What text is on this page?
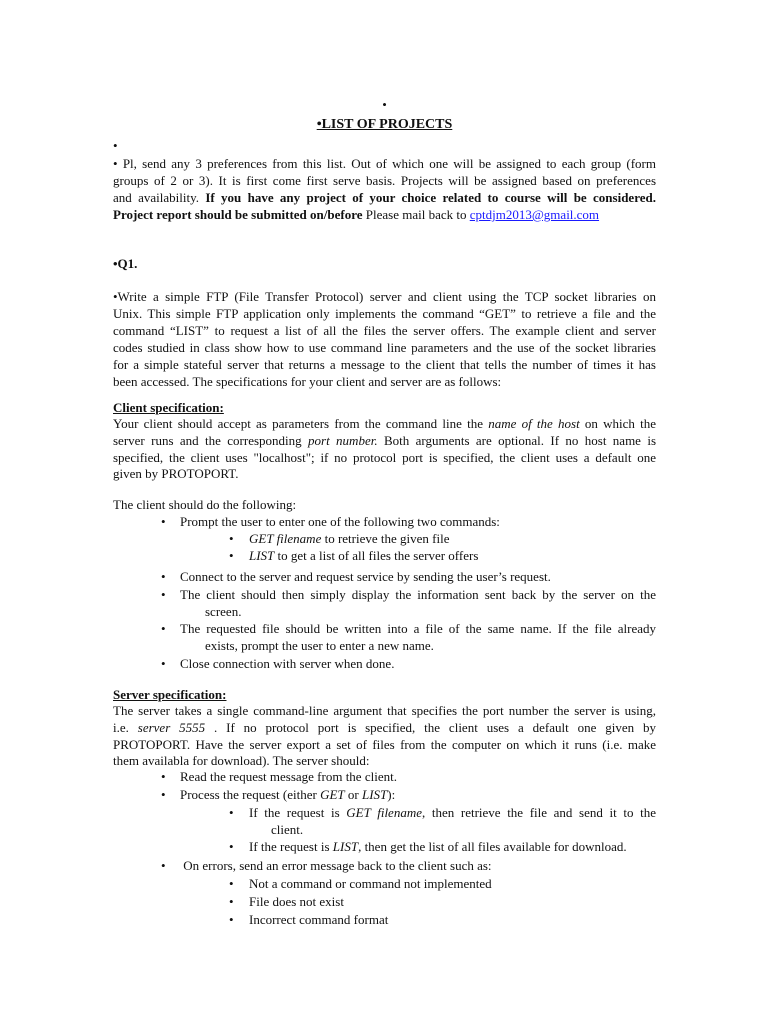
•
•LIST OF PROJECTS
•
• Pl, send any 3 preferences from this list. Out of which one will be assigned to each group (form
groups of 2 or 3). It is first come first serve basis. Projects will be assigned based on preferences
and availability. If you have any project of your choice related to course will be considered.
Project report should be submitted on/before Please mail back to cptdjm2013@gmail.com
•Q1.
•Write a simple FTP (File Transfer Protocol) server and client using the TCP socket libraries on
Unix. This simple FTP application only implements the command “GET” to retrieve a file and the
command “LIST” to request a list of all the files the server offers. The example client and server
codes studied in class show how to use command line parameters and the use of the socket libraries
for a simple stateful server that returns a message to the client that tells the number of times it has
been accessed. The specifications for your client and server are as follows:
Client specification:
Your client should accept as parameters from the command line the name of the host on which the
server runs and the corresponding port number. Both arguments are optional. If no host name is
specified, the client uses "localhost"; if no protocol port is specified, the client uses a default one
given by PROTOPORT.
The client should do the following:
• Prompt the user to enter one of the following two commands:
• GET filename to retrieve the given file
• LIST to get a list of all files the server offers
• Connect to the server and request service by sending the user’s request.
• The client should then simply display the information sent back by the server on the
screen.
• The requested file should be written into a file of the same name. If the file already
exists, prompt the user to enter a new name.
• Close connection with server when done.
Server specification:
The server takes a single command-line argument that specifies the port number the server is using,
i.e. server 5555 . If no protocol port is specified, the client uses a default one given by
PROTOPORT. Have the server export a set of files from the computer on which it runs (i.e. make
them availabla for download). The server should:
• Read the request message from the client.
• Process the request (either GET or LIST):
• If the request is GET filename, then retrieve the file and send it to the
client.
• If the request is LIST, then get the list of all files available for download.
• On errors, send an error message back to the client such as:
• Not a command or command not implemented
• File does not exist
• Incorrect command format
